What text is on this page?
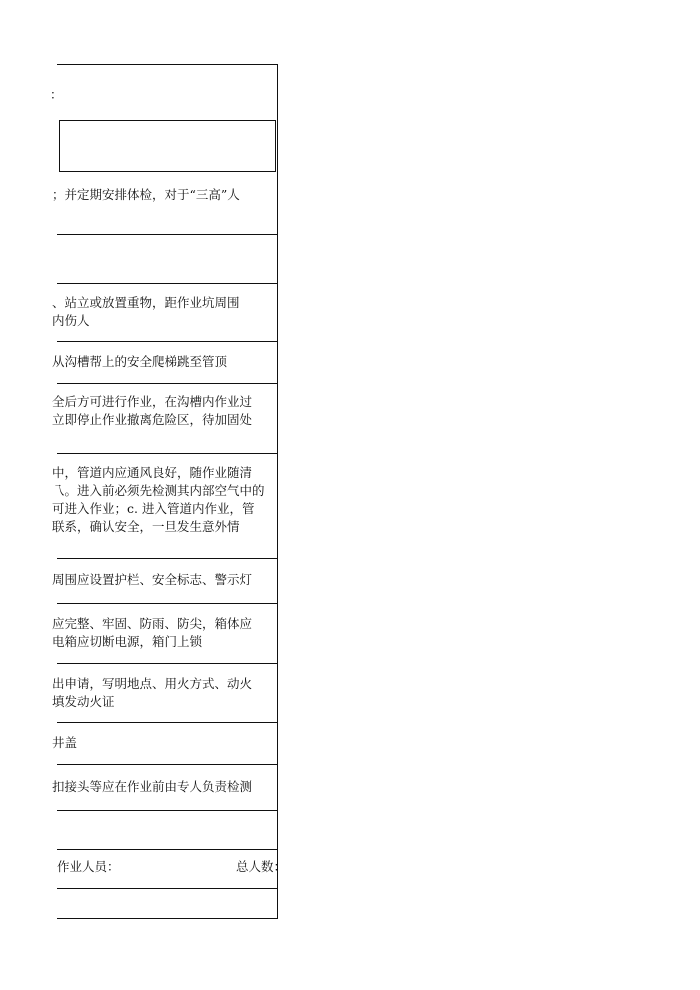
：
；并定期安排体检，对于“三高”人
、站立或放置重物，距作业坑周围
内伤人
从沟槽帮上的安全爬梯跳至管顶
全后方可进行作业，在沟槽内作业过
立即停止作业撤离危险区，待加固处
中，管道内应通风良好，随作业随清
乁。进入前必须先检测其内部空气中的
可进入作业；c. 进入管道内作业，管
联系，确认安全，一旦发生意外情
周围应设置护栏、安全标志、警示灯
应完整、牢固、防雨、防尖，箱体应
电箱应切断电源，箱门上锁
出申请，写明地点、用火方式、动火
填发动火证
井盖
扣接头等应在作业前由专人负责检测
作业人员：	总人数：
